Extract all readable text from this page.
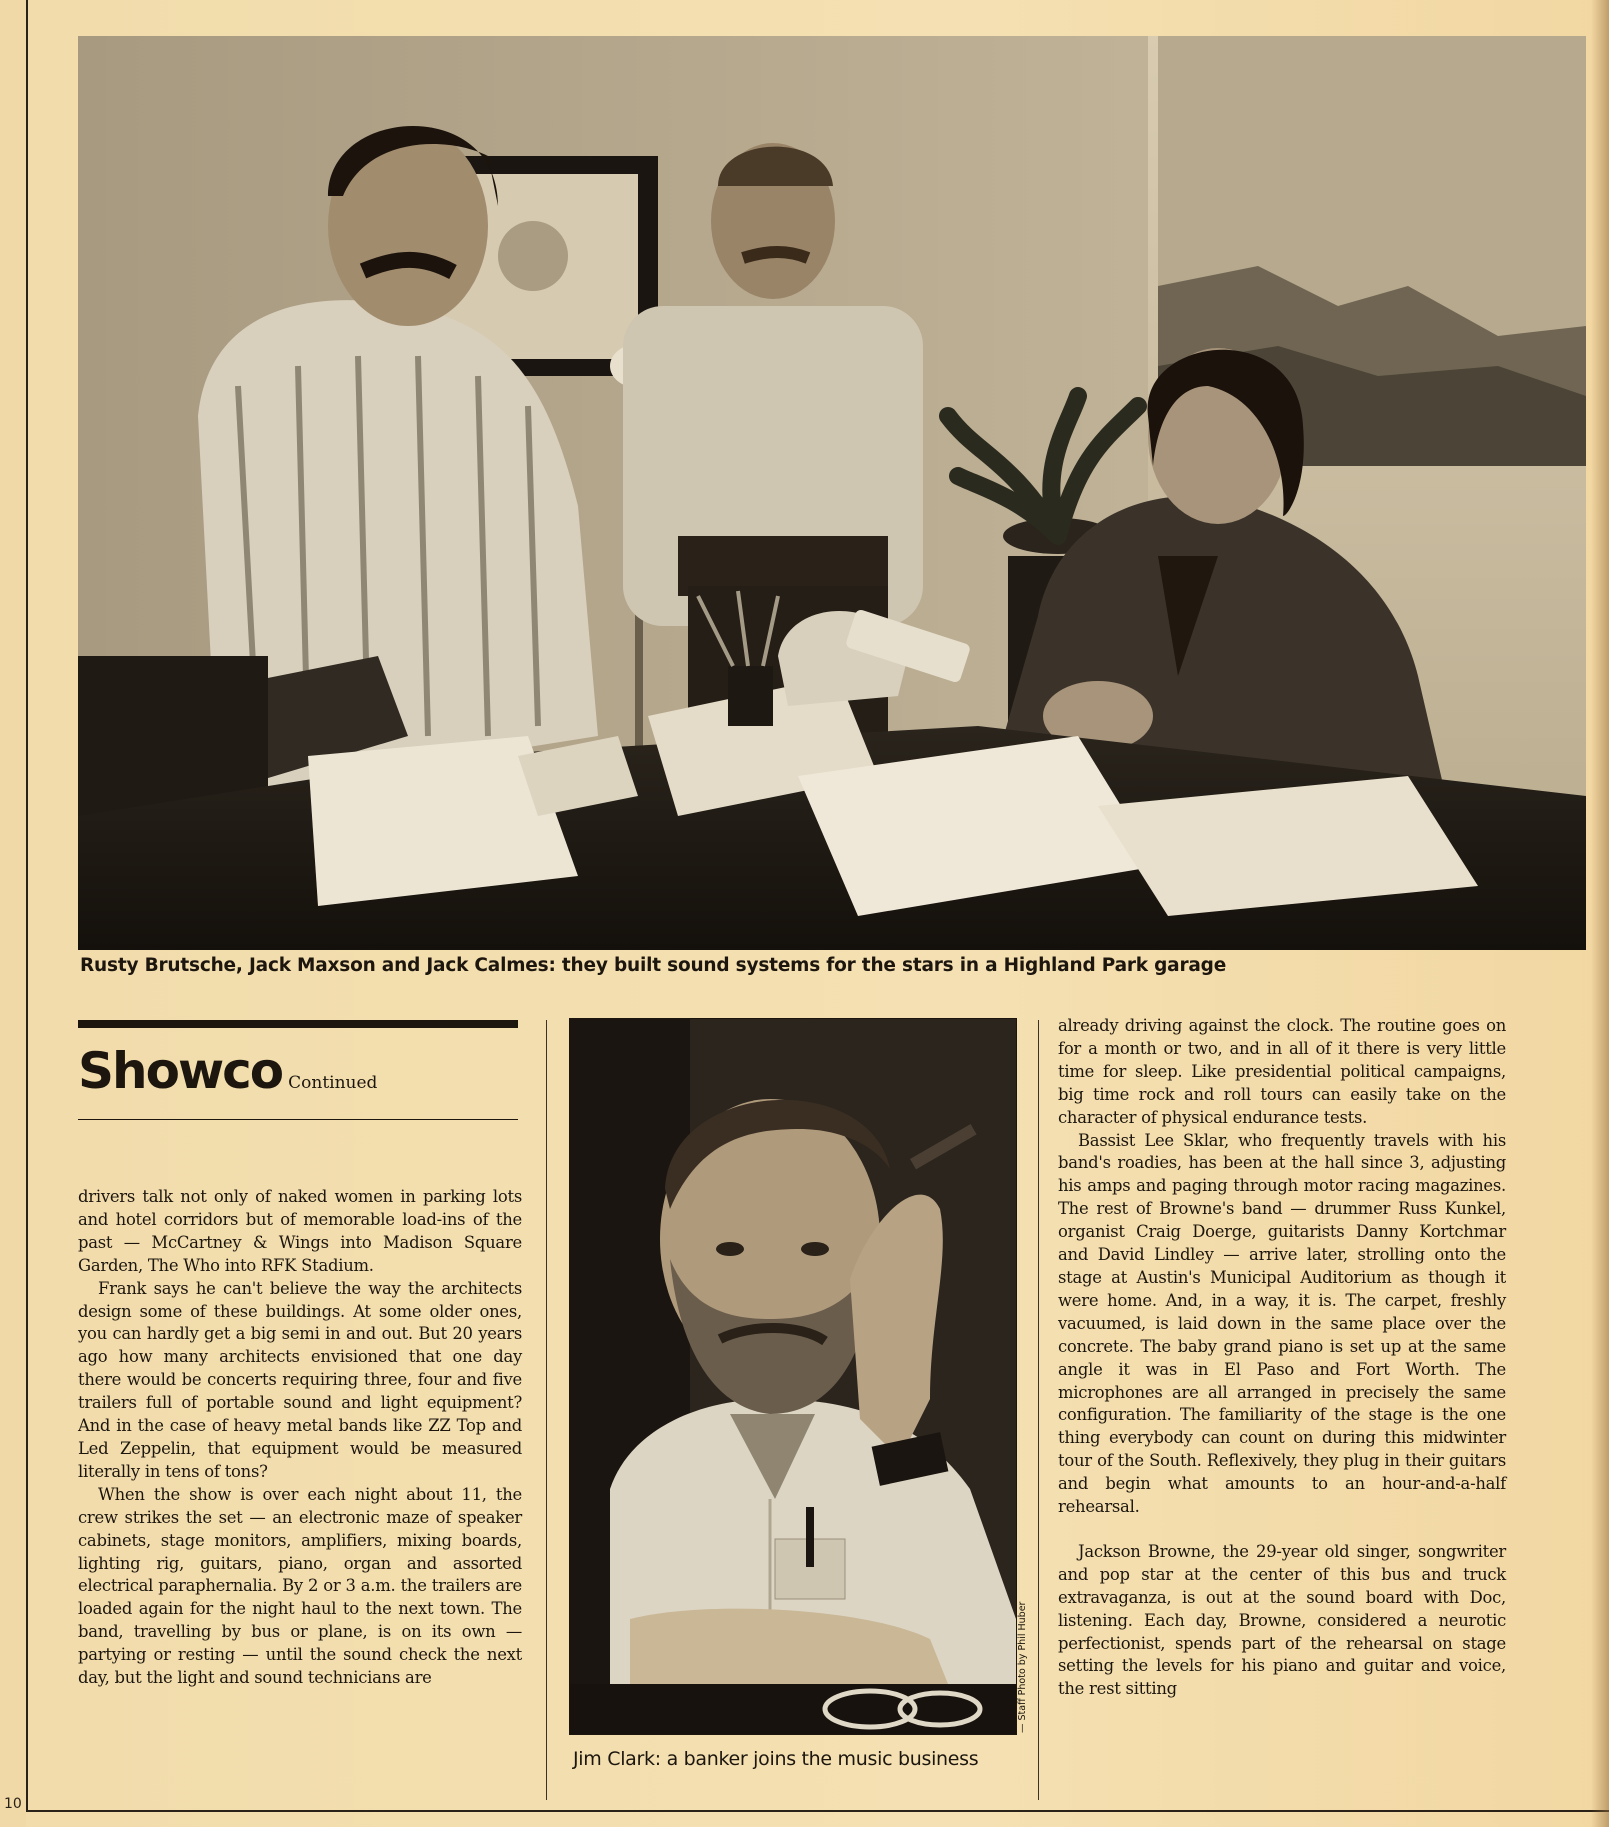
10
Rusty Brutsche, Jack Maxson and Jack Calmes: they built sound systems for the stars in a Highland Park garage
Showco Continued

drivers talk not only of naked women in parking lots and hotel corridors but of memorable load-ins of the past — McCartney & Wings into Madison Square Garden, The Who into RFK Stadium.

Frank says he can't believe the way the architects design some of these buildings. At some older ones, you can hardly get a big semi in and out. But 20 years ago how many architects envisioned that one day there would be concerts requiring three, four and five trailers full of portable sound and light equipment? And in the case of heavy metal bands like ZZ Top and Led Zeppelin, that equipment would be measured literally in tens of tons?

When the show is over each night about 11, the crew strikes the set — an electronic maze of speaker cabinets, stage monitors, amplifiers, mixing boards, lighting rig, guitars, piano, organ and assorted electrical paraphernalia. By 2 or 3 a.m. the trailers are loaded again for the night haul to the next town. The band, travelling by bus or plane, is on its own — partying or resting — until the sound check the next day, but the light and sound technicians are	— Staff Photo by Phil Huber
Jim Clark: a banker joins the music business

already driving against the clock. The routine goes on for a month or two, and in all of it there is very little time for sleep. Like presidential political campaigns, big time rock and roll tours can easily take on the character of physical endurance tests.

Bassist Lee Sklar, who frequently travels with his band's roadies, has been at the hall since 3, adjusting his amps and paging through motor racing magazines. The rest of Browne's band — drummer Russ Kunkel, organist Craig Doerge, guitarists Danny Kortchmar and David Lindley — arrive later, strolling onto the stage at Austin's Municipal Auditorium as though it were home. And, in a way, it is. The carpet, freshly vacuumed, is laid down in the same place over the concrete. The baby grand piano is set up at the same angle it was in El Paso and Fort Worth. The microphones are all arranged in precisely the same configuration. The familiarity of the stage is the one thing everybody can count on during this midwinter tour of the South. Reflexively, they plug in their guitars and begin what amounts to an hour-and-a-half rehearsal.

Jackson Browne, the 29-year old singer, songwriter and pop star at the center of this bus and truck extravaganza, is out at the sound board with Doc, listening. Each day, Browne, considered a neurotic perfectionist, spends part of the rehearsal on stage setting the levels for his piano and guitar and voice, the rest sitting
